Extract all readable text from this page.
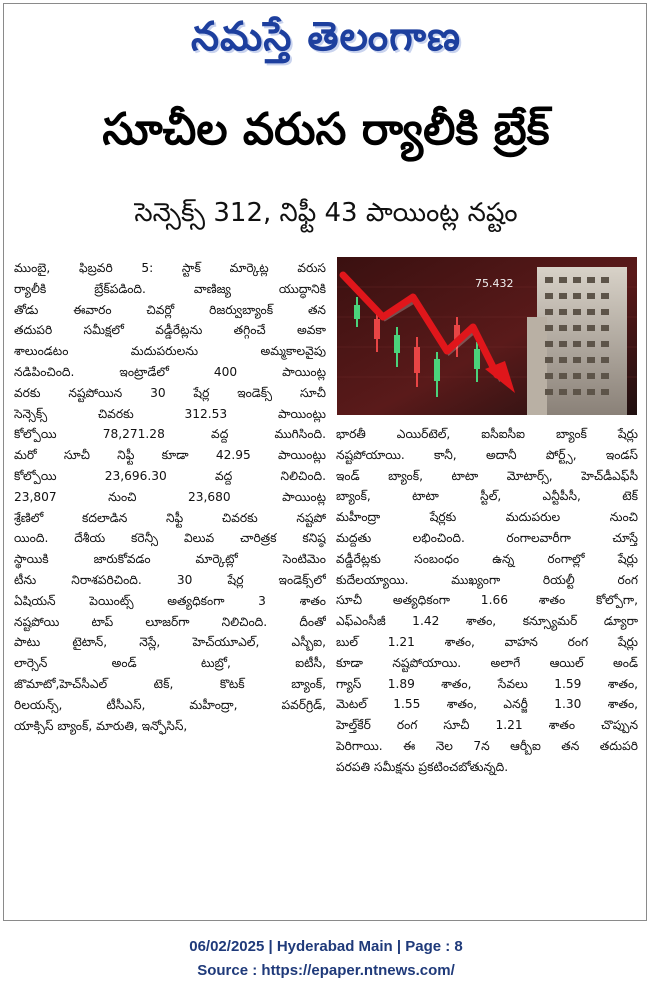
నమస్తే తెలంగాణ
సూచీల వరుస ర్యాలీకి బ్రేక్
సెన్సెక్స్ 312, నిఫ్టీ 43 పాయింట్ల నష్టం
ముంబై, ఫిబ్రవరి 5: స్టాక్ మార్కెట్ల వరుస
ర్యాలీకి బ్రేక్‌పడింది. వాణిజ్య యుద్ధానికి
తోడు ఈవారం చివర్లో రిజర్వుబ్యాంక్ తన
తదుపరి సమీక్షలో వడ్డీరేట్లను తగ్గించే అవకా
శాలుండటం మదుపరులను అమ్మకాలవైపు
నడిపించింది. ఇంట్రాడేలో 400 పాయింట్ల
వరకు నష్టపోయిన 30 షేర్ల ఇండెక్స్ సూచీ
సెన్సెక్స్ చివరకు 312.53 పాయింట్లు
కోల్పోయి 78,271.28 వద్ద ముగిసింది.
మరో సూచీ నిఫ్టీ కూడా 42.95 పాయింట్లు
కోల్పోయి 23,696.30 వద్ద నిలిచింది.
23,807 నుంచి 23,680 పాయింట్ల
శ్రేణిలో కదలాడిన నిఫ్టీ చివరకు నష్టపో
యింది. దేశీయ కరెన్సీ విలువ చారిత్రక కనిష్ఠ
స్థాయికి జారుకోవడం మార్కెట్లో సెంటిమెం
టీను నిరాశపరిచింది. 30 షేర్ల ఇండెక్స్‌లో
ఏషియన్ పెయింట్స్ అత్యధికంగా 3 శాతం
నష్టపోయి టాప్ లూజర్‌గా నిలిచింది. దీంతో
పాటు టైటాన్, నెస్లే, హెచ్‌యూఎల్, ఎస్బీఐ,
లార్సెన్ అండ్ టుబ్రో, ఐటీసీ,
జొమాటో,హెచ్‌సీఎల్ టెక్, కొటక్ బ్యాంక్,
రిలయన్స్, టీసీఎస్, మహీంద్రా, పవర్‌గ్రిడ్,
యాక్సిస్ బ్యాంక్, మారుతి, ఇన్ఫోసిస్,
75.432
భారతీ ఎయిర్‌టెల్, ఐసీఐసీఐ బ్యాంక్ షేర్లు
నష్టపోయాయి. కానీ, అదానీ పోర్ట్స్, ఇండస్
ఇండ్ బ్యాంక్, టాటా మోటార్స్, హెచ్‌డీఎఫ్‌సీ
బ్యాంక్, టాటా స్టీల్, ఎన్టీపీసీ, టెక్
మహీంద్రా షేర్లకు మదుపరుల నుంచి
మద్దతు లభించింది. రంగాలవారీగా చూస్తే
వడ్డీరేట్లకు సంబంధం ఉన్న రంగాల్లో షేర్లు
కుదేలయ్యాయి. ముఖ్యంగా రియల్టీ రంగ
సూచీ అత్యధికంగా 1.66 శాతం కోల్పోగా,
ఎఫ్‌ఎంసీజీ 1.42 శాతం, కన్స్యూమర్ డ్యూరా
బుల్ 1.21 శాతం, వాహన రంగ షేర్లు
కూడా నష్టపోయాయి. అలాగే ఆయిల్ అండ్
గ్యాస్ 1.89 శాతం, సేవలు 1.59 శాతం,
మెటల్ 1.55 శాతం, ఎనర్జీ 1.30 శాతం,
హెల్త్‌కేర్ రంగ సూచీ 1.21 శాతం చొప్పున
పెరిగాయి. ఈ నెల 7న ఆర్బీఐ తన తదుపరి
పరపతి సమీక్షను ప్రకటించబోతున్నది.
06/02/2025 | Hyderabad Main | Page : 8
Source : https://epaper.ntnews.com/
